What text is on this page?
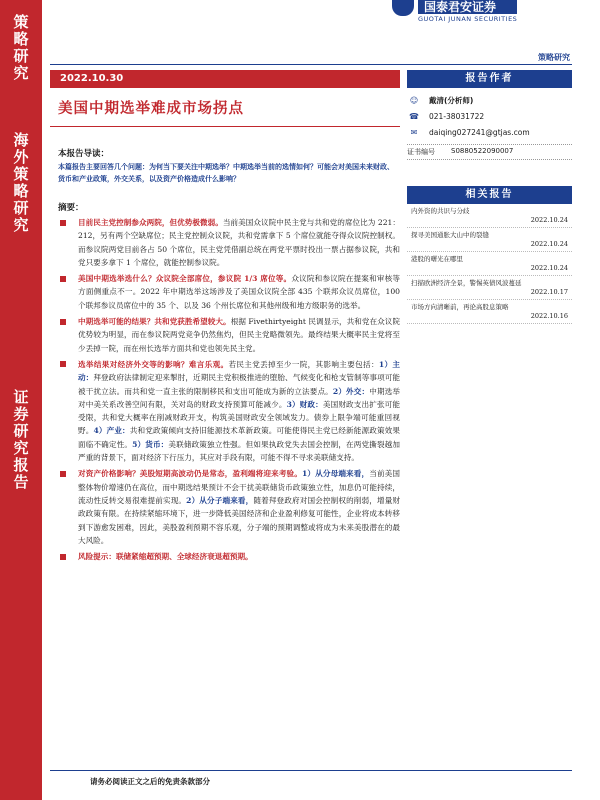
策略研究
海外策略研究
证券研究报告
国泰君安证券
GUOTAI JUNAN SECURITIES
策略研究
2022.10.30
美国中期选举难成市场拐点
本报告导读：
本篇报告主要回答几个问题：为何当下要关注中期选举？中期选举当前的选情如何？可能会对美国未来财政、货币和产业政策，外交关系，以及资产价格造成什么影响？
摘要：
目前民主党控制参众两院，但优势极微弱。当前美国众议院中民主党与共和党的席位比为 221：212，另有两个空缺席位；民主党控制众议院，共和党需拿下 5 个席位就能夺得众议院控制权。而参议院两党目前各占 50 个席位，民主党凭借副总统在两党平票时投出一票占据参议院，共和党只要多拿下 1 个席位，就能控制参议院。
美国中期选举选什么？众议院全部席位，参议院 1/3 席位等。众议院和参议院在提案和审核等方面侧重点不一。2022 年中期选举这场涉及了美国众议院全部 435 个联邦众议员席位，100 个联邦参议员席位中的 35 个、以及 36 个州长席位和其他州级和地方级职务的选举。
中期选举可能的结果？共和党获胜希望较大。根据 Fivethirtyeight 民调显示，共和党在众议院优势较为明显，而在参议院两党竞争仍然焦灼，但民主党略微领先。最终结果大概率民主党将至少丢掉一院，而在州长选举方面共和党也领先民主党。
选举结果对经济外交等的影响？难言乐观。若民主党丢掉至少一院，其影响主要包括：1）主动：拜登政府法律制定迎来掣肘，近期民主党积极推进的堕胎、气候变化和枪支管制等事项可能被干扰立法。而共和党一直主张的限制移民和支出可能成为新的立法要点。2）外交：中期选举对中美关系改善空间有限，关对岛的财政支持预算可能减少。3）财政：美国财政支出扩张可能受限，共和党大概率在削减财政开支，构筑美国财政安全领域发力。债券上限争端可能重回视野。4）产业：共和党政策倾向支持旧能源技术革新政策。可能使得民主党已经新能源政策效果面临不确定性。5）货币：美联储政策独立性强。但如果执政党失去国会控制，在两党撕裂越加严重的背景下，面对经济下行压力，其应对手段有限，可能不得不寻求美联储支持。
对资产价格影响？美股短期高波动仍是常态，盈利端将迎来考验。1）从分母端来看，当前美国整体物价增速仍在高位，而中期选结果预计不会干扰美联储货币政策独立性，加息仍可能持续，流动性反转交易很难提前实现。2）从分子端来看，随着拜登政府对国会控制权的削弱，增量财政政策有限。在持续紧缩环境下，进一步降低美国经济和企业盈利修复可能性，企业将成本转移到下游愈发困难，因此，美股盈利预期不容乐观，分子端的预期调整或将成为未来美股潜在的最大风险。
风险提示：联储紧缩超预期、全球经济衰退超预期。
报告作者
☺	戴清(分析师)
☎ 021-38031722
✉	daiqing027241@gtjas.com
证书编号	S0880522090007
相关报告
内外资的共识与分歧
2022.10.24
探寻美国通胀大山中的裂缝
2022.10.24
港股的曙光在哪里
2022.10.24
扫描欧洲经济全景，警惕英债风波蔓延
2022.10.17
市场方向清晰前，再论高股息策略
2022.10.16
请务必阅读正文之后的免责条款部分
